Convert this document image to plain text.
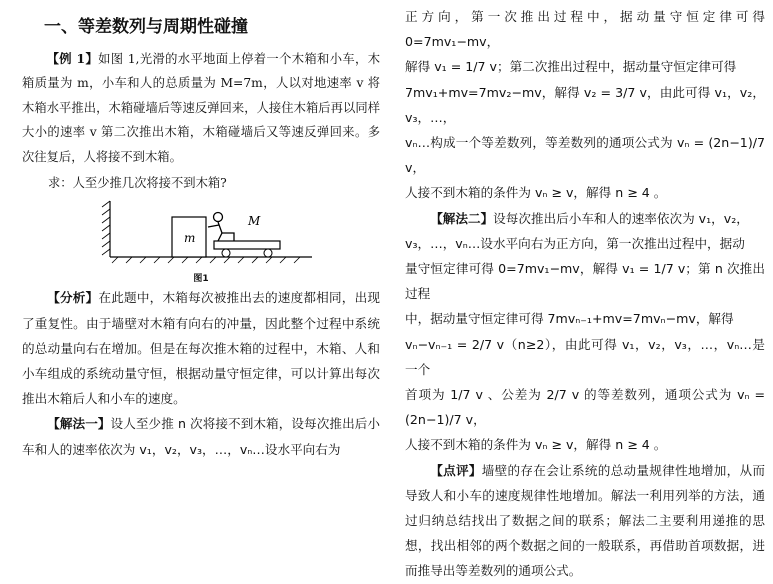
一、等差数列与周期性碰撞

【例 1】如图 1,光滑的水平地面上停着一个木箱和小车，木箱质量为 m，小车和人的总质量为 M=7m，人以对地速率 v 将木箱水平推出，木箱碰墙后等速反弹回来，人接住木箱后再以同样大小的速率 v 第二次推出木箱，木箱碰墙后又等速反弹回来。多次往复后，人将接不到木箱。

求：人至少推几次将接不到木箱?

m
M
图1

【分析】在此题中，木箱每次被推出去的速度都相同，出现了重复性。由于墙壁对木箱有向右的冲量，因此整个过程中系统的总动量向右在增加。但是在每次推木箱的过程中，木箱、人和小车组成的系统动量守恒，根据动量守恒定律，可以计算出每次推出木箱后人和小车的速度。

【解法一】设人至少推 n 次将接不到木箱，设每次推出后小车和人的速率依次为 v₁，v₂，v₃，…，vₙ…设水平向右为

正方向，第一次推出过程中，据动量守恒定律可得 0=7mv₁−mv，

解得 v₁ = 1/7 v；第二次推出过程中，据动量守恒定律可得

7mv₁+mv=7mv₂−mv，解得 v₂ = 3/7 v，由此可得 v₁，v₂，v₃，…，

vₙ…构成一个等差数列，等差数列的通项公式为 vₙ = (2n−1)/7 v，

人接不到木箱的条件为 vₙ ≥ v，解得 n ≥ 4 。

【解法二】设每次推出后小车和人的速率依次为 v₁，v₂，

v₃，…，vₙ…设水平向右为正方向，第一次推出过程中，据动

量守恒定律可得 0=7mv₁−mv，解得 v₁ = 1/7 v；第 n 次推出过程

中，据动量守恒定律可得 7mvₙ₋₁+mv=7mvₙ−mv，解得

vₙ−vₙ₋₁ = 2/7 v（n≥2），由此可得 v₁，v₂，v₃，…，vₙ…是一个

首项为 1/7 v 、公差为 2/7 v 的等差数列，通项公式为 vₙ = (2n−1)/7 v，

人接不到木箱的条件为 vₙ ≥ v，解得 n ≥ 4 。

【点评】墙壁的存在会让系统的总动量规律性地增加，从而导致人和小车的速度规律性地增加。解法一利用列举的方法，通过归纳总结找出了数据之间的联系；解法二主要利用递推的思想，找出相邻的两个数据之间的一般联系，再借助首项数据，进而推导出等差数列的通项公式。
